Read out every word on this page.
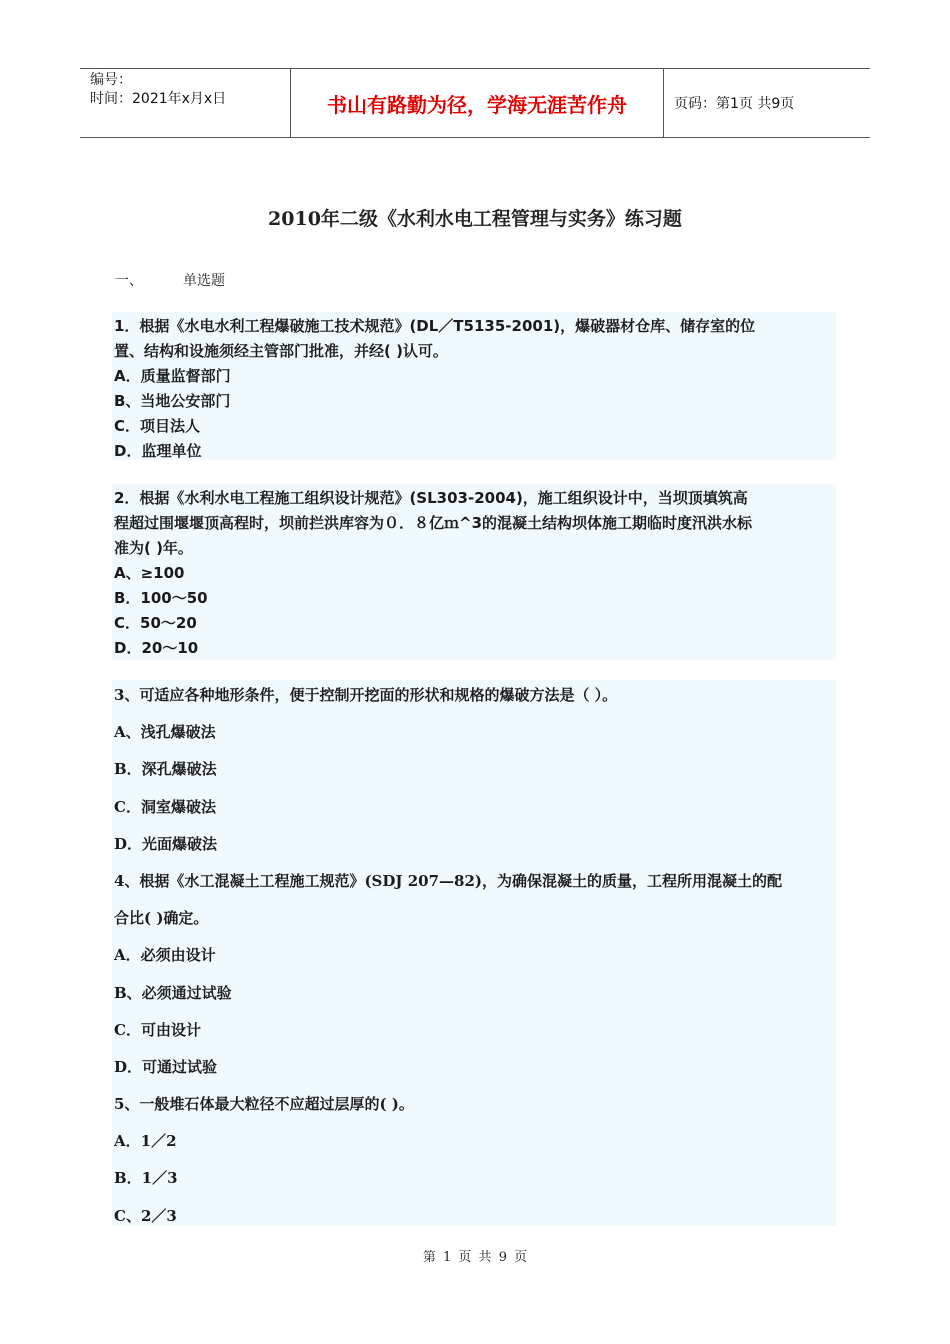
编号：
时间：2021年x月x日	书山有路勤为径，学海无涯苦作舟	页码：第1页 共9页
2010年二级《水利水电工程管理与实务》练习题
一、	单选题
1．根据《水电水利工程爆破施工技术规范》(DL／T5135-2001)，爆破器材仓库、储存室的位
置、结构和设施须经主管部门批准，并经( )认可。
A．质量监督部门
B、当地公安部门
C．项目法人
D．监理单位
2．根据《水利水电工程施工组织设计规范》(SL303-2004)，施工组织设计中，当坝顶填筑高
程超过围堰堰顶高程时，坝前拦洪库容为０．８亿ｍ^3的混凝土结构坝体施工期临时度汛洪水标
准为( )年。
A、≥100
B．100～50
C．50～20
D．20～10
3、可适应各种地形条件，便于控制开挖面的形状和规格的爆破方法是（ ）。
A、浅孔爆破法
B．深孔爆破法
C．洞室爆破法
D．光面爆破法
4、根据《水工混凝土工程施工规范》(SDJ 207—82)，为确保混凝土的质量，工程所用混凝土的配
合比( )确定。
A．必须由设计
B、必须通过试验
C．可由设计
D．可通过试验
5、一般堆石体最大粒径不应超过层厚的( )。
A．1／2
B．1／3
C、2／3
第 1 页 共 9 页
